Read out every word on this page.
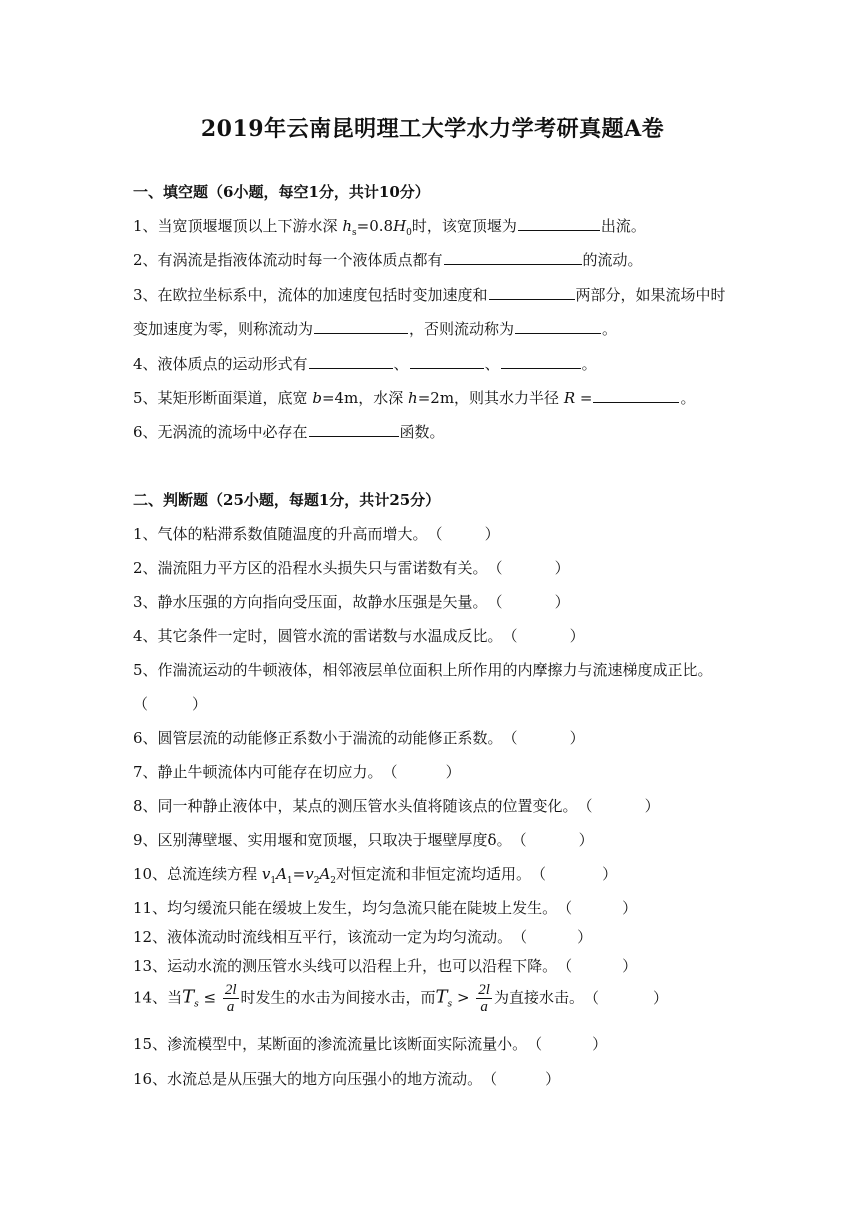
2019年云南昆明理工大学水力学考研真题A卷
一、填空题（6小题，每空1分，共计10分）
1、当宽顶堰堰顶以上下游水深 $h_s=0.8H_0$时，该宽顶堰为	出流。
2、有涡流是指液体流动时每一个液体质点都有	的流动。
3、在欧拉坐标系中，流体的加速度包括时变加速度和	两部分，如果流场中时
变加速度为零，则称流动为	，否则流动称为	。
4、液体质点的运动形式有	、	、	。
5、某矩形断面渠道，底宽 b=4m，水深 h=2m，则其水力半径 R =	。
6、无涡流的流场中必存在	函数。
二、判断题（25小题，每题1分，共计25分）
1、气体的粘滞系数值随温度的升高而增大。（	）
2、湍流阻力平方区的沿程水头损失只与雷诺数有关。（	）
3、静水压强的方向指向受压面，故静水压强是矢量。（	）
4、其它条件一定时，圆管水流的雷诺数与水温成反比。（	）
5、作湍流运动的牛顿液体，相邻液层单位面积上所作用的内摩擦力与流速梯度成正比。
（	）
6、圆管层流的动能修正系数小于湍流的动能修正系数。（	）
7、静止牛顿流体内可能存在切应力。（	）
8、同一种静止液体中，某点的测压管水头值将随该点的位置变化。（	）
9、区别薄壁堰、实用堰和宽顶堰，只取决于堰壁厚度δ。（	）
10、总流连续方程 $v_1A_1=v_2A_2$对恒定流和非恒定流均适用。（	）
11、均匀缓流只能在缓坡上发生，均匀急流只能在陡坡上发生。（	）
12、液体流动时流线相互平行，该流动一定为均匀流动。（	）
13、运动水流的测压管水头线可以沿程上升，也可以沿程下降。（	）
14、当$T_s \le \frac{2l}{a}$ 时发生的水击为间接水击，而$T_s > \frac{2l}{a}$ 为直接水击。（	）
15、渗流模型中，某断面的渗流流量比该断面实际流量小。（	）
16、水流总是从压强大的地方向压强小的地方流动。（	）
